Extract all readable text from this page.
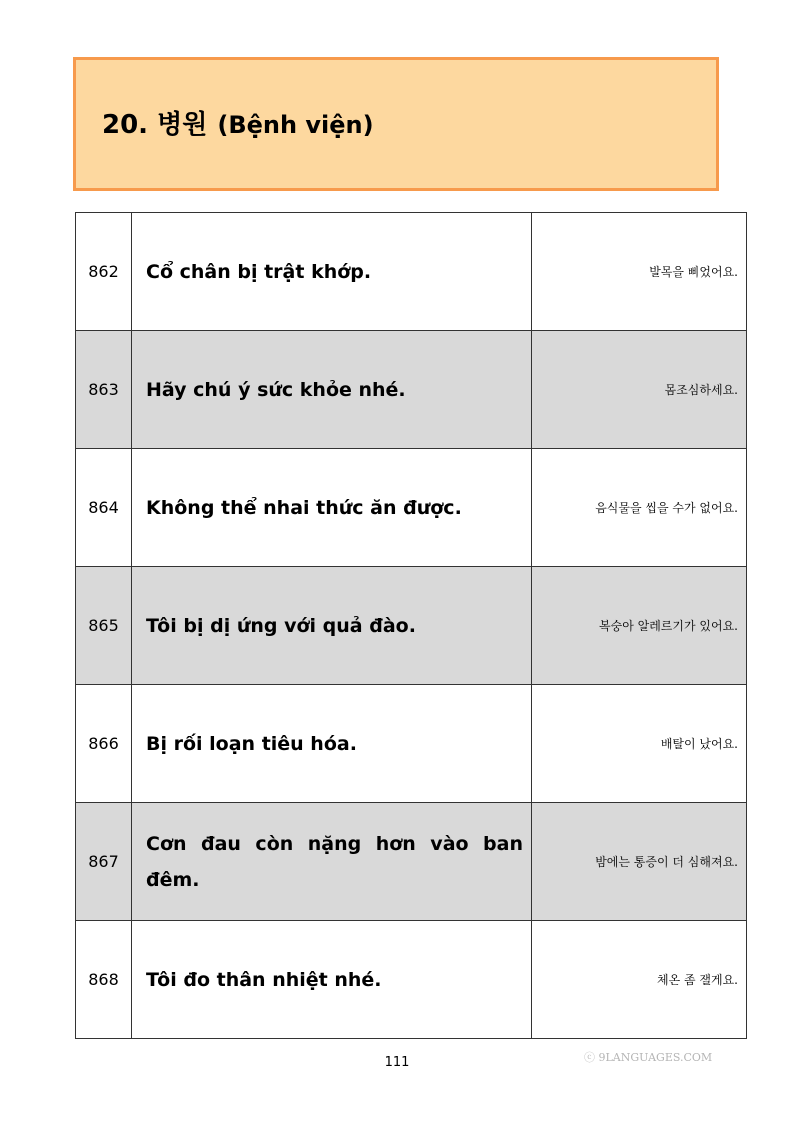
20. 병원 (Bệnh viện)
862	Cổ chân bị trật khớp.	발목을 삐었어요.
863	Hãy chú ý sức khỏe nhé.	몸조심하세요.
864	Không thể nhai thức ăn được.	음식물을 씹을 수가 없어요.
865	Tôi bị dị ứng với quả đào.	복숭아 알레르기가 있어요.
866	Bị rối loạn tiêu hóa.	배탈이 났어요.
867	Cơn đau còn nặng hơn vào ban đêm.	밤에는 통증이 더 심해져요.
868	Tôi đo thân nhiệt nhé.	체온 좀 잴게요.
ⓒ 9LANGUAGES.COM
111
